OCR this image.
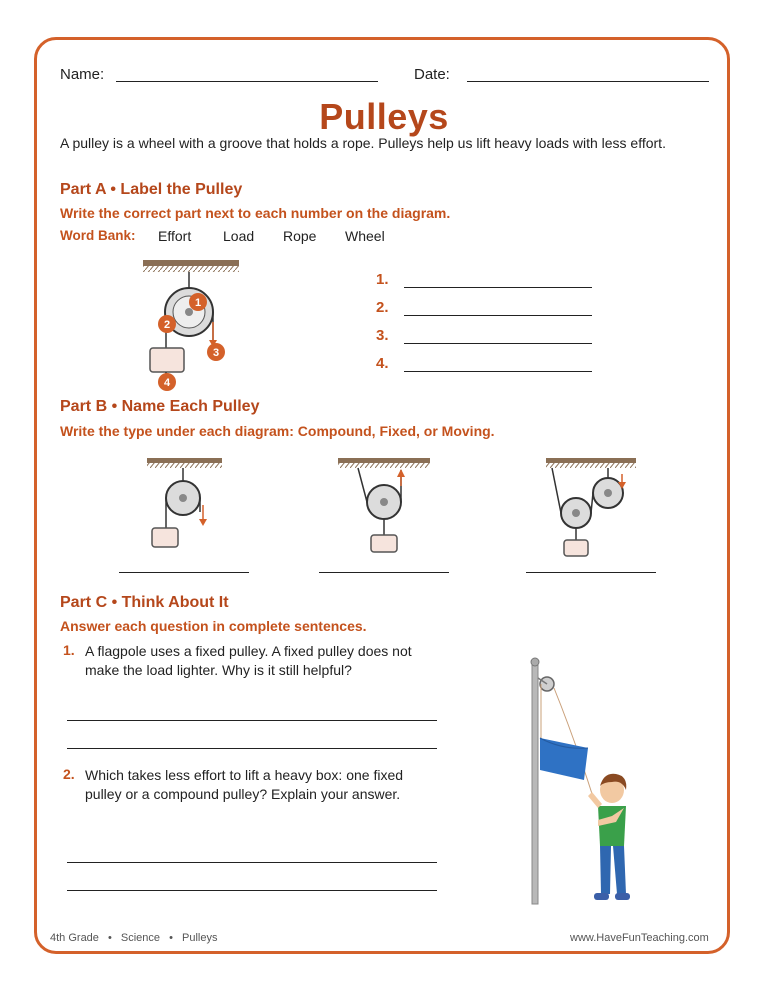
Name:	Date:
Pulleys
A pulley is a wheel with a groove that holds a rope. Pulleys help us lift heavy loads with less effort.
Part A • Label the Pulley
Write the correct part next to each number on the diagram.
Word Bank: Effort Load Rope Wheel
1
2
3
4
1.
2.
3.
4.
Part B • Name Each Pulley
Write the type under each diagram: Compound, Fixed, or Moving.
Part C • Think About It
Answer each question in complete sentences.
1. A flagpole uses a fixed pulley. A fixed pulley does not make the load lighter. Why is it still helpful?
2. Which takes less effort to lift a heavy box: one fixed pulley or a compound pulley? Explain your answer.
4th Grade • Science • Pulleys	www.HaveFunTeaching.com
